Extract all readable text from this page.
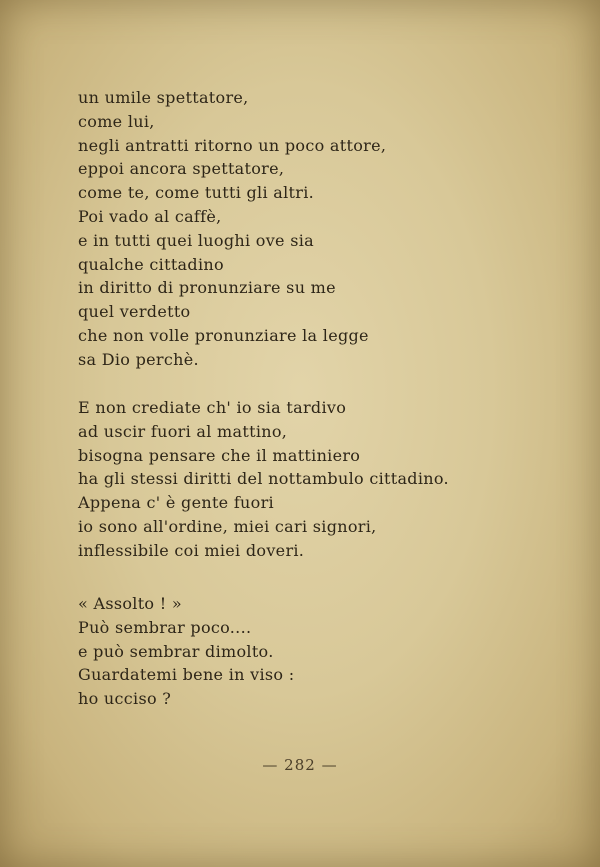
un umile spettatore,
come lui,
negli antratti ritorno un poco attore,
eppoi ancora spettatore,
come te, come tutti gli altri.
Poi vado al caffè,
e in tutti quei luoghi ove sia
qualche cittadino
in diritto di pronunziare su me
quel verdetto
che non volle pronunziare la legge
sa Dio perchè.
E non crediate ch' io sia tardivo
ad uscir fuori al mattino,
bisogna pensare che il mattiniero
ha gli stessi diritti del nottambulo cittadino.
Appena c' è gente fuori
io sono all'ordine, miei cari signori,
inflessibile coi miei doveri.
« Assolto ! »
Può sembrar poco....
e può sembrar dimolto.
Guardatemi bene in viso :
ho ucciso ?
— 282 —
